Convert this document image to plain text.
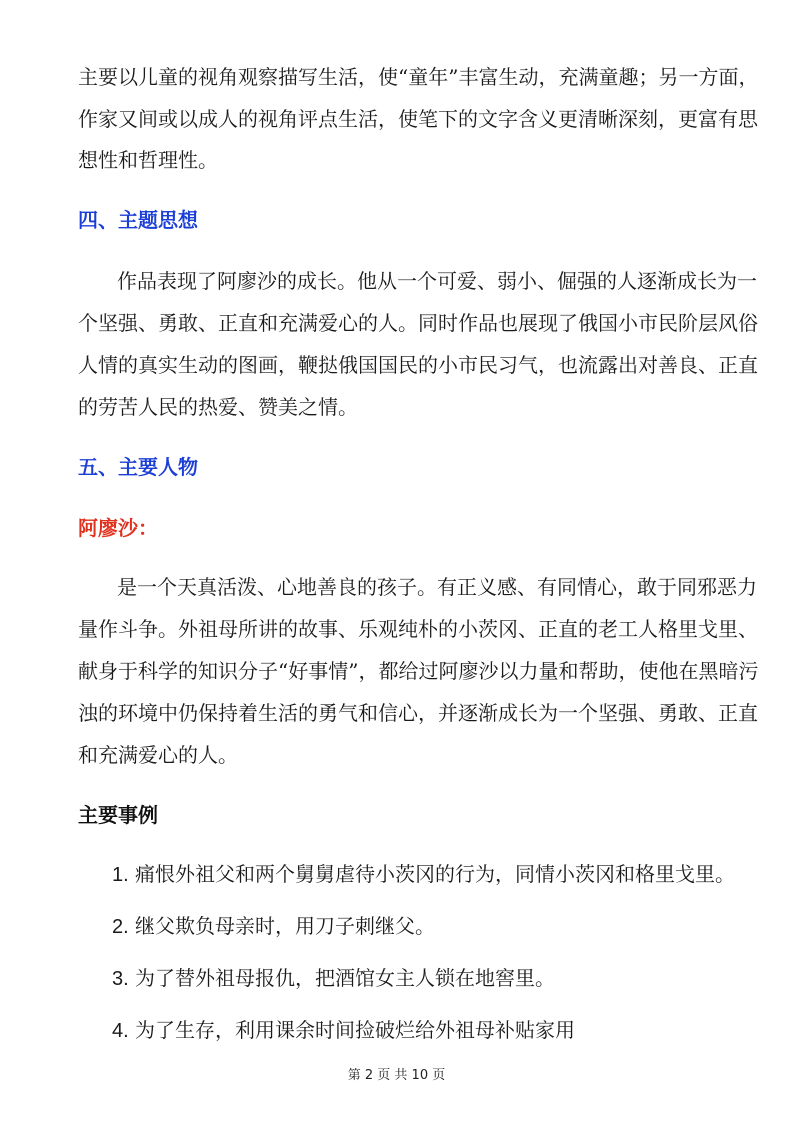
主要以儿童的视角观察描写生活，使“童年”丰富生动，充满童趣；另一方面，
作家又间或以成人的视角评点生活，使笔下的文字含义更清晰深刻，更富有思
想性和哲理性。
四、主题思想
作品表现了阿廖沙的成长。他从一个可爱、弱小、倔强的人逐渐成长为一
个坚强、勇敢、正直和充满爱心的人。同时作品也展现了俄国小市民阶层风俗
人情的真实生动的图画，鞭挞俄国国民的小市民习气，也流露出对善良、正直
的劳苦人民的热爱、赞美之情。
五、主要人物
阿廖沙：
是一个天真活泼、心地善良的孩子。有正义感、有同情心，敢于同邪恶力
量作斗争。外祖母所讲的故事、乐观纯朴的小茨冈、正直的老工人格里戈里、
献身于科学的知识分子“好事情”，都给过阿廖沙以力量和帮助，使他在黑暗污
浊的环境中仍保持着生活的勇气和信心，并逐渐成长为一个坚强、勇敢、正直
和充满爱心的人。
主要事例
1. 痛恨外祖父和两个舅舅虐待小茨冈的行为，同情小茨冈和格里戈里。
2. 继父欺负母亲时，用刀子刺继父。
3. 为了替外祖母报仇，把酒馆女主人锁在地窖里。
4. 为了生存，利用课余时间捡破烂给外祖母补贴家用
第 2 页 共 10 页
